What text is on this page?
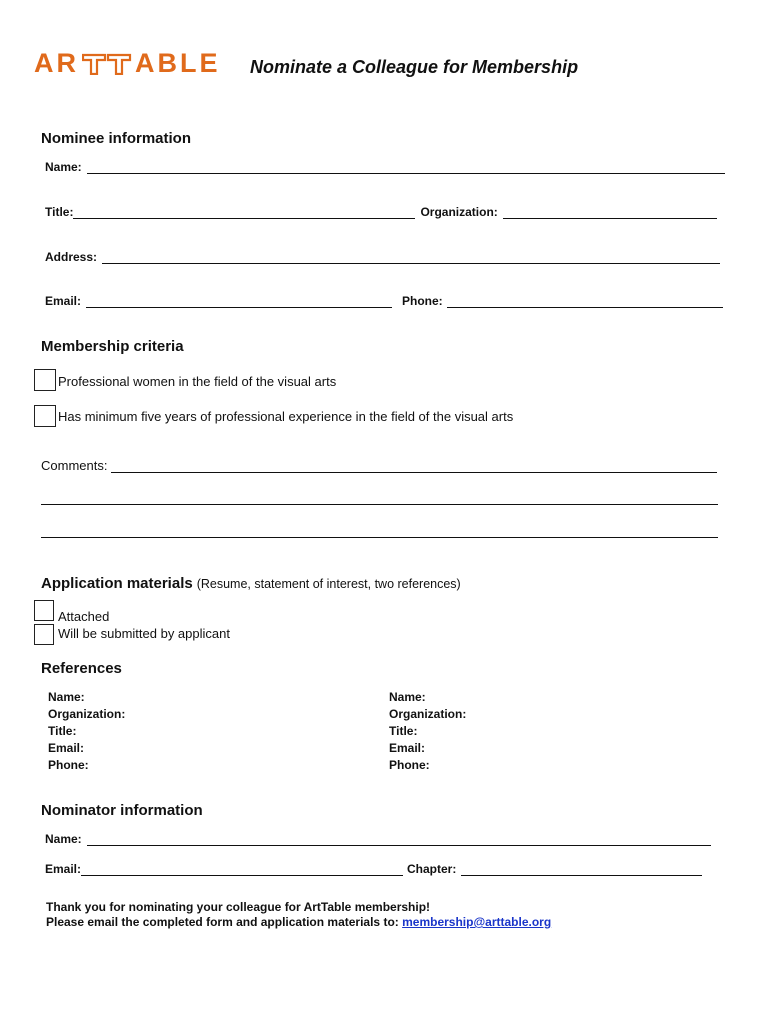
AR ABLE Nominate a Colleague for Membership
Nominee information
Name:
Title:	Organization:
Address:
Email:	Phone:
Membership criteria
Professional women in the field of the visual arts
Has minimum five years of professional experience in the field of the visual arts
Comments:
Application materials (Resume, statement of interest, two references)
Attached
Will be submitted by applicant
References
Name:
Organization:
Title:
Email:
Phone:
Name:
Organization:
Title:
Email:
Phone:
Nominator information
Name:
Email:	Chapter:
Thank you for nominating your colleague for ArtTable membership!
Please email the completed form and application materials to: membership@arttable.org
